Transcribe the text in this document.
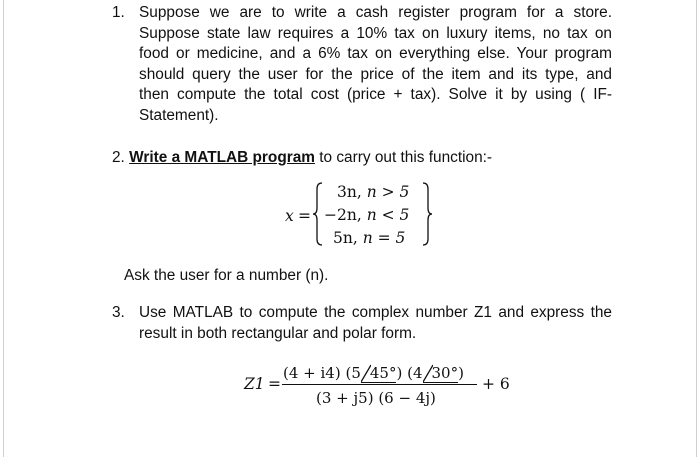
1. Suppose we are to write a cash register program for a store.
Suppose state law requires a 10% tax on luxury items, no tax on
food or medicine, and a 6% tax on everything else. Your program
should query the user for the price of the item and its type, and
then compute the total cost (price + tax). Solve it by using ( IF-
Statement).
2. Write a MATLAB program to carry out this function:-
x =
3n, n > 5
−2n, n < 5
5n, n = 5
Ask the user for a number (n).
3. Use MATLAB to compute the complex number Z1 and express the
result in both rectangular and polar form.
Z1 =
(4 + i4) (5 45°
) (4 30°
)
(3 + j5) (6 − 4j)
+ 6
